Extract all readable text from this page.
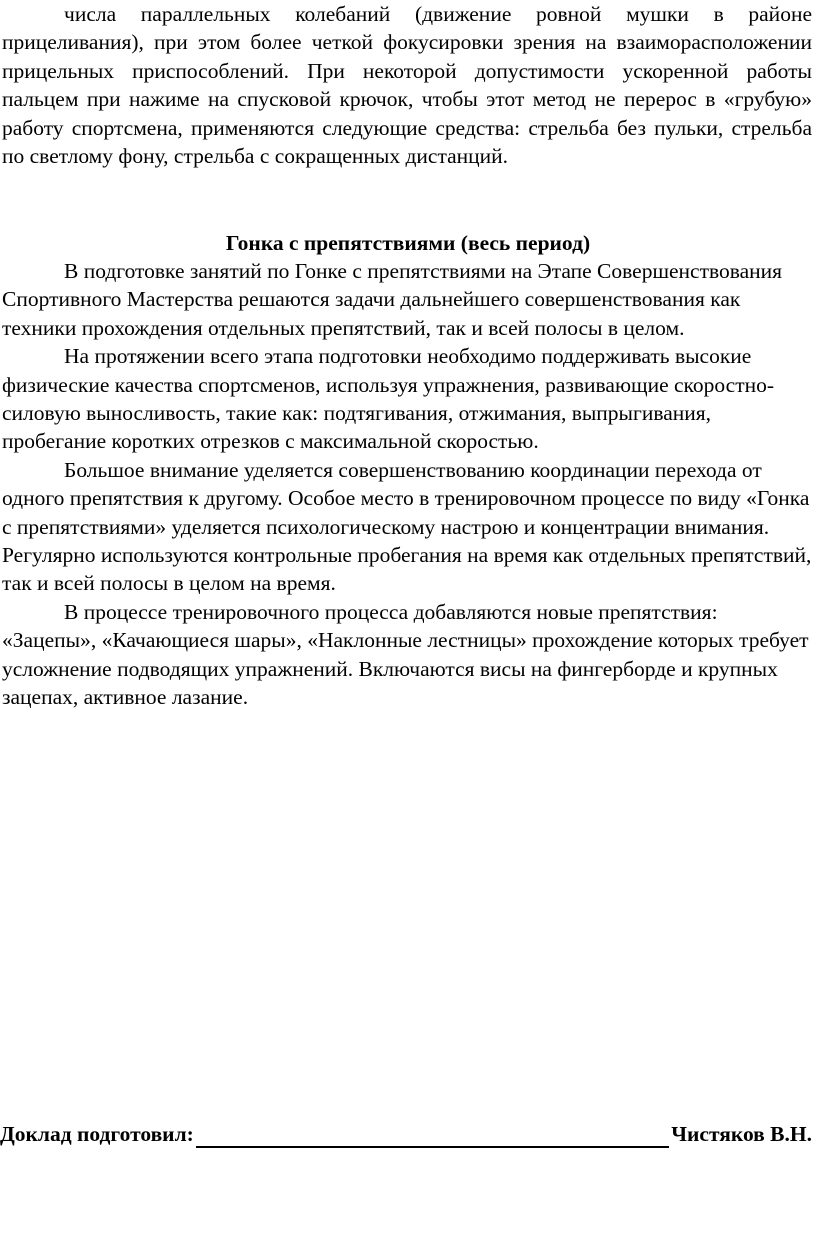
числа параллельных колебаний (движение ровной мушки в районе прицеливания), при этом более четкой фокусировки зрения на взаиморасположении прицельных приспособлений. При некоторой допустимости ускоренной работы пальцем при нажиме на спусковой крючок, чтобы этот метод не перерос в «грубую» работу спортсмена, применяются следующие средства: стрельба без пульки, стрельба по светлому фону, стрельба с сокращенных дистанций.

Гонка с препятствиями (весь период)

В подготовке занятий по Гонке с препятствиями на Этапе Совершенствования Спортивного Мастерства решаются задачи дальнейшего совершенствования как техники прохождения отдельных препятствий, так и всей полосы в целом.

На протяжении всего этапа подготовки необходимо поддерживать высокие физические качества спортсменов, используя упражнения, развивающие скоростно-силовую выносливость, такие как: подтягивания, отжимания, выпрыгивания, пробегание коротких отрезков с максимальной скоростью.

Большое внимание уделяется совершенствованию координации перехода от одного препятствия к другому. Особое место в тренировочном процессе по виду «Гонка с препятствиями» уделяется психологическому настрою и концентрации внимания. Регулярно используются контрольные пробегания на время как отдельных препятствий, так и всей полосы в целом на время.

В процессе тренировочного процесса добавляются новые препятствия: «Зацепы», «Качающиеся шары», «Наклонные лестницы» прохождение которых требует усложнение подводящих упражнений. Включаются висы на фингерборде и крупных зацепах, активное лазание.

Доклад подготовил:	Чистяков В.Н.
